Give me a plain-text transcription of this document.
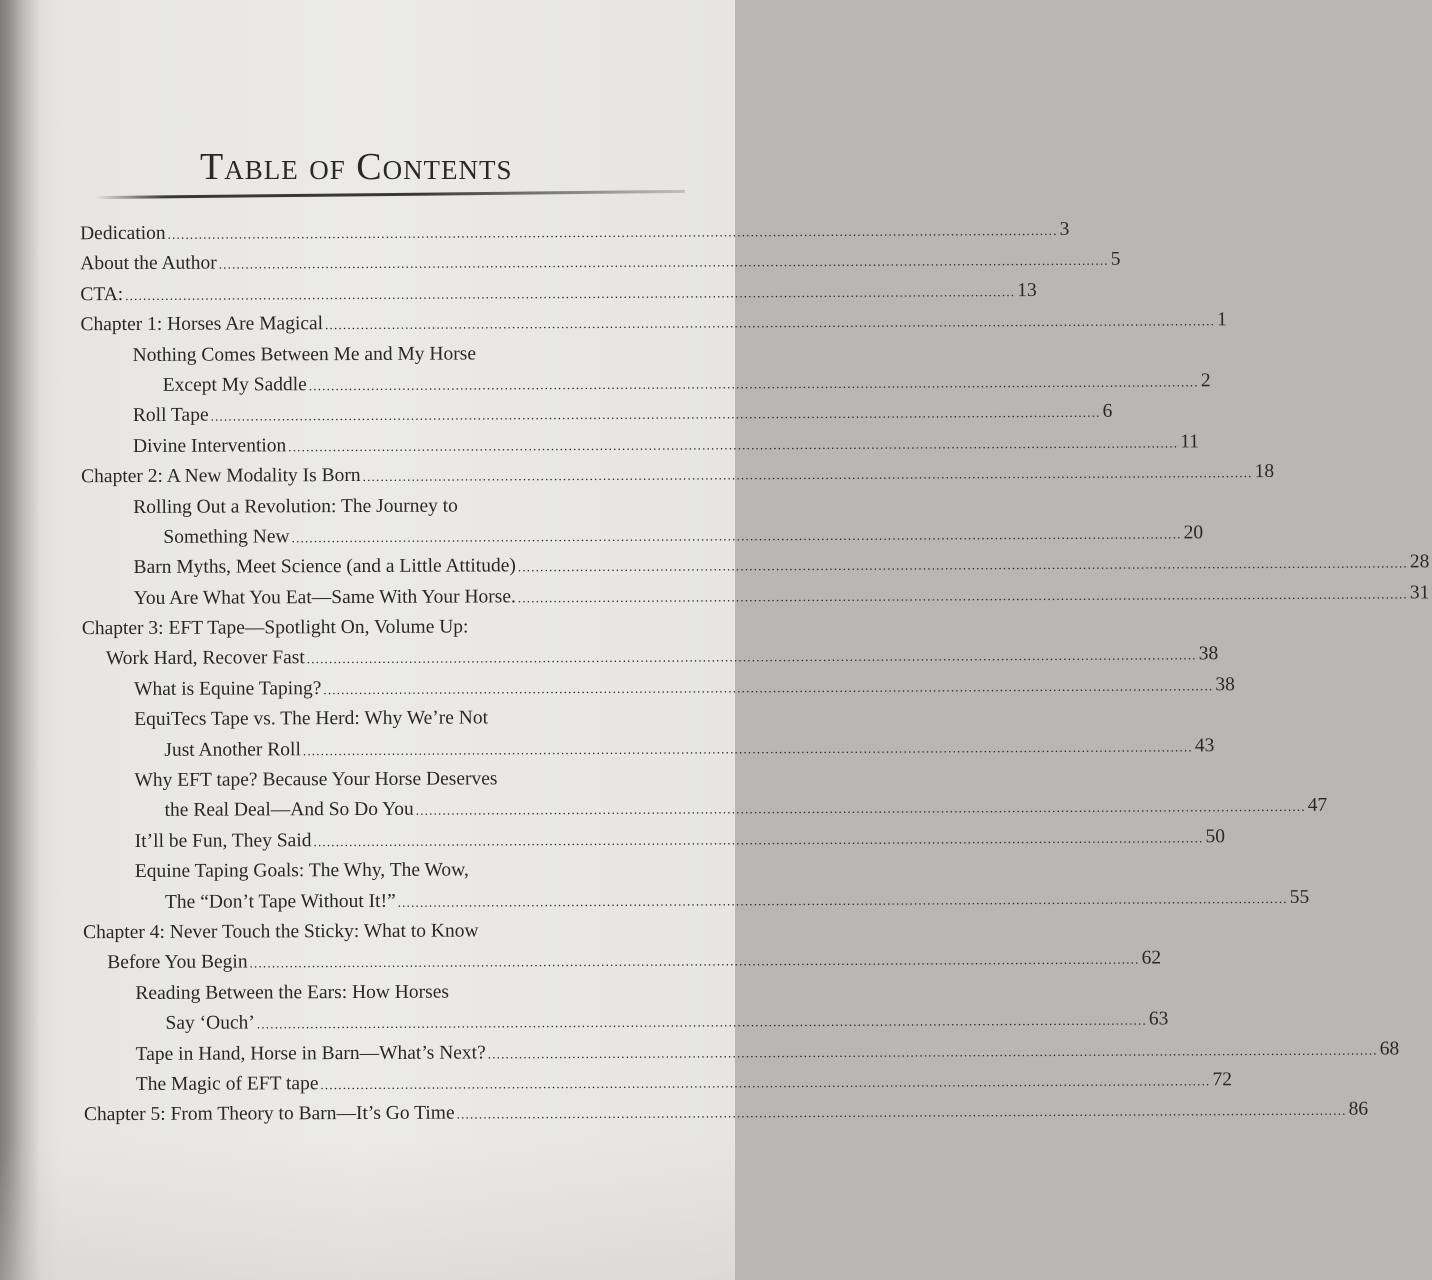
Table of Contents
Dedication ........................................................................................................................................................................................................ 3
About the Author ........................................................................................................................................................................................................ 5
CTA: ........................................................................................................................................................................................................ 13
Chapter 1: Horses Are Magical ........................................................................................................................................................................................................ 1
Nothing Comes Between Me and My Horse
Except My Saddle ........................................................................................................................................................................................................ 2
Roll Tape ........................................................................................................................................................................................................ 6
Divine Intervention ........................................................................................................................................................................................................ 11
Chapter 2: A New Modality Is Born ........................................................................................................................................................................................................ 18
Rolling Out a Revolution: The Journey to
Something New ........................................................................................................................................................................................................ 20
Barn Myths, Meet Science (and a Little Attitude) ........................................................................................................................................................................................................ 28
You Are What You Eat—Same With Your Horse. ........................................................................................................................................................................................................ 31
Chapter 3: EFT Tape—Spotlight On, Volume Up:
Work Hard, Recover Fast ........................................................................................................................................................................................................ 38
What is Equine Taping? ........................................................................................................................................................................................................ 38
EquiTecs Tape vs. The Herd: Why We’re Not
Just Another Roll ........................................................................................................................................................................................................ 43
Why EFT tape? Because Your Horse Deserves
the Real Deal—And So Do You ........................................................................................................................................................................................................ 47
It’ll be Fun, They Said ........................................................................................................................................................................................................ 50
Equine Taping Goals: The Why, The Wow,
The “Don’t Tape Without It!” ........................................................................................................................................................................................................ 55
Chapter 4: Never Touch the Sticky: What to Know
Before You Begin ........................................................................................................................................................................................................ 62
Reading Between the Ears: How Horses
Say ‘Ouch’ ........................................................................................................................................................................................................ 63
Tape in Hand, Horse in Barn—What’s Next? ........................................................................................................................................................................................................ 68
The Magic of EFT tape ........................................................................................................................................................................................................ 72
Chapter 5: From Theory to Barn—It’s Go Time ........................................................................................................................................................................................................ 86
